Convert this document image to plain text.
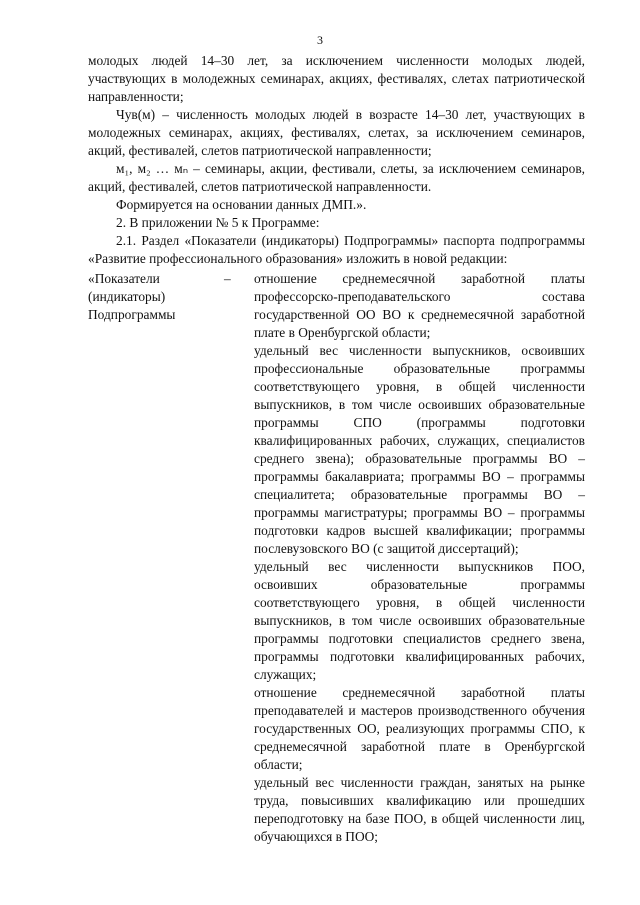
3

молодых людей 14–30 лет, за исключением численности молодых людей, участвующих в молодежных семинарах, акциях, фестивалях, слетах патриотической направленности;

Чув(м) – численность молодых людей в возрасте 14–30 лет, участвующих в молодежных семинарах, акциях, фестивалях, слетах, за исключением семинаров, акций, фестивалей, слетов патриотической направленности;

м₁, м₂ … мₙ – семинары, акции, фестивали, слеты, за исключением семинаров, акций, фестивалей, слетов патриотической направленности.

Формируется на основании данных ДМП.».

2. В приложении № 5 к Программе:

2.1. Раздел «Показатели (индикаторы) Подпрограммы» паспорта подпрограммы «Развитие профессионального образования» изложить в новой редакции:

«Показатели (индикаторы) Подпрограммы
–	отношение среднемесячной заработной платы профессорско-преподавательского состава государственной ОО ВО к среднемесячной заработной плате в Оренбургской области;

удельный вес численности выпускников, освоивших профессиональные образовательные программы соответствующего уровня, в общей численности выпускников, в том числе освоивших образовательные программы СПО (программы подготовки квалифицированных рабочих, служащих, специалистов среднего звена); образовательные программы ВО – программы бакалавриата; программы ВО – программы специалитета; образовательные программы ВО – программы магистратуры; программы ВО – программы подготовки кадров высшей квалификации; программы послевузовского ВО (с защитой диссертаций);

удельный вес численности выпускников ПОО, освоивших образовательные программы соответствующего уровня, в общей численности выпускников, в том числе освоивших образовательные программы подготовки специалистов среднего звена, программы подготовки квалифицированных рабочих, служащих;

отношение среднемесячной заработной платы преподавателей и мастеров производственного обучения государственных ОО, реализующих программы СПО, к среднемесячной заработной плате в Оренбургской области;

удельный вес численности граждан, занятых на рынке труда, повысивших квалификацию или прошедших переподготовку на базе ПОО, в общей численности лиц, обучающихся в ПОО;
